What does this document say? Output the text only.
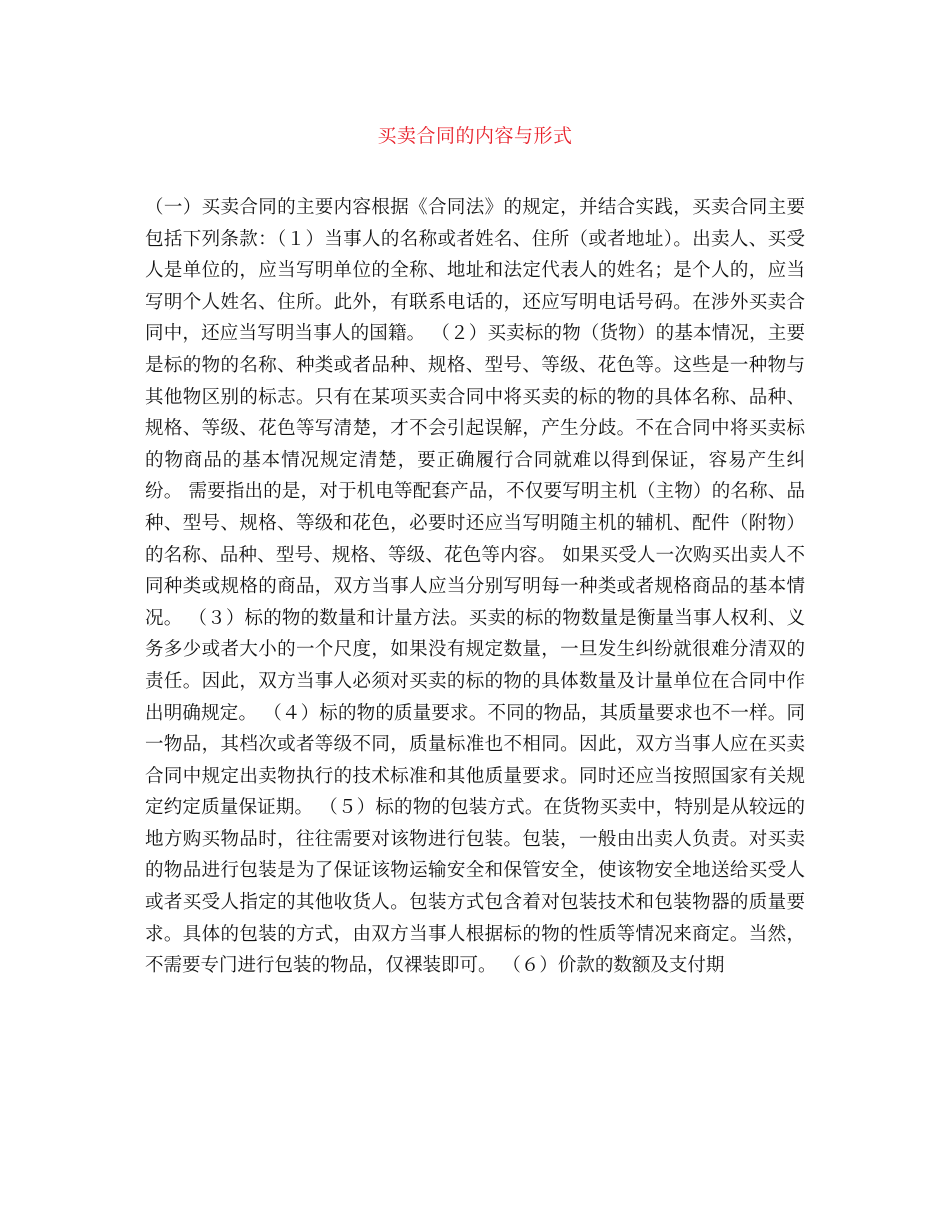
买卖合同的内容与形式

（一）买卖合同的主要内容根据《合同法》的规定，并结合实践，买卖合同主要包括下列条款：（１）当事人的名称或者姓名、住所（或者地址）。出卖人、买受人是单位的，应当写明单位的全称、地址和法定代表人的姓名；是个人的，应当写明个人姓名、住所。此外，有联系电话的，还应写明电话号码。在涉外买卖合同中，还应当写明当事人的国籍。 （２）买卖标的物（货物）的基本情况，主要是标的物的名称、种类或者品种、规格、型号、等级、花色等。这些是一种物与其他物区别的标志。只有在某项买卖合同中将买卖的标的物的具体名称、品种、规格、等级、花色等写清楚，才不会引起误解，产生分歧。不在合同中将买卖标的物商品的基本情况规定清楚，要正确履行合同就难以得到保证，容易产生纠纷。 需要指出的是，对于机电等配套产品，不仅要写明主机（主物）的名称、品种、型号、规格、等级和花色，必要时还应当写明随主机的辅机、配件（附物）的名称、品种、型号、规格、等级、花色等内容。 如果买受人一次购买出卖人不同种类或规格的商品，双方当事人应当分别写明每一种类或者规格商品的基本情况。 （３）标的物的数量和计量方法。买卖的标的物数量是衡量当事人权利、义务多少或者大小的一个尺度，如果没有规定数量，一旦发生纠纷就很难分清双的责任。因此，双方当事人必须对买卖的标的物的具体数量及计量单位在合同中作出明确规定。 （４）标的物的质量要求。不同的物品，其质量要求也不一样。同一物品，其档次或者等级不同，质量标准也不相同。因此，双方当事人应在买卖合同中规定出卖物执行的技术标准和其他质量要求。同时还应当按照国家有关规定约定质量保证期。 （５）标的物的包装方式。在货物买卖中，特别是从较远的地方购买物品时，往往需要对该物进行包装。包装，一般由出卖人负责。对买卖的物品进行包装是为了保证该物运输安全和保管安全，使该物安全地送给买受人或者买受人指定的其他收货人。包装方式包含着对包装技术和包装物器的质量要求。具体的包装的方式，由双方当事人根据标的物的性质等情况来商定。当然，不需要专门进行包装的物品，仅裸装即可。 （６）价款的数额及支付期
